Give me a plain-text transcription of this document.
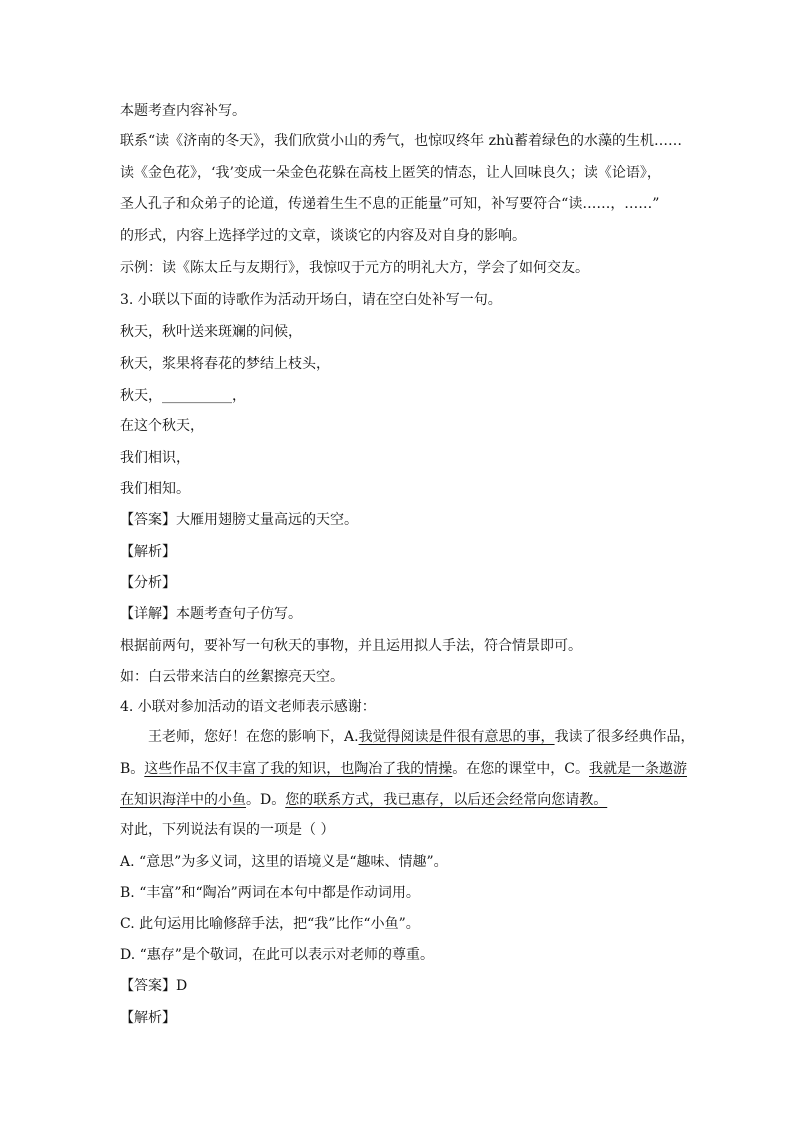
本题考查内容补写。
联系“读《济南的冬天》，我们欣赏小山的秀气，也惊叹终年 zhù蓄着绿色的水藻的生机……
读《金色花》，‘我’变成一朵金色花躲在高枝上匿笑的情态，让人回味良久；读《论语》，
圣人孔子和众弟子的论道，传递着生生不息的正能量”可知，补写要符合“读……，……”
的形式，内容上选择学过的文章，谈谈它的内容及对自身的影响。
示例：读《陈太丘与友期行》，我惊叹于元方的明礼大方，学会了如何交友。
3. 小联以下面的诗歌作为活动开场白，请在空白处补写一句。
秋天，秋叶送来斑斓的问候，
秋天，浆果将春花的梦结上枝头，
秋天，__________，
在这个秋天，
我们相识，
我们相知。
【答案】大雁用翅膀丈量高远的天空。
【解析】
【分析】
【详解】本题考查句子仿写。
根据前两句，要补写一句秋天的事物，并且运用拟人手法，符合情景即可。
如：白云带来洁白的丝絮擦亮天空。
4. 小联对参加活动的语文老师表示感谢：
王老师，您好！在您的影响下，A.我觉得阅读是件很有意思的事，我读了很多经典作品，
B。这些作品不仅丰富了我的知识，也陶冶了我的情操。在您的课堂中，C。我就是一条遨游
在知识海洋中的小鱼。D。您的联系方式，我已惠存，以后还会经常向您请教。
对此，下列说法有误的一项是（ ）
A. “意思”为多义词，这里的语境义是“趣味、情趣”。
B. “丰富”和“陶冶”两词在本句中都是作动词用。
C. 此句运用比喻修辞手法，把“我”比作“小鱼”。
D. “惠存”是个敬词，在此可以表示对老师的尊重。
【答案】D
【解析】
